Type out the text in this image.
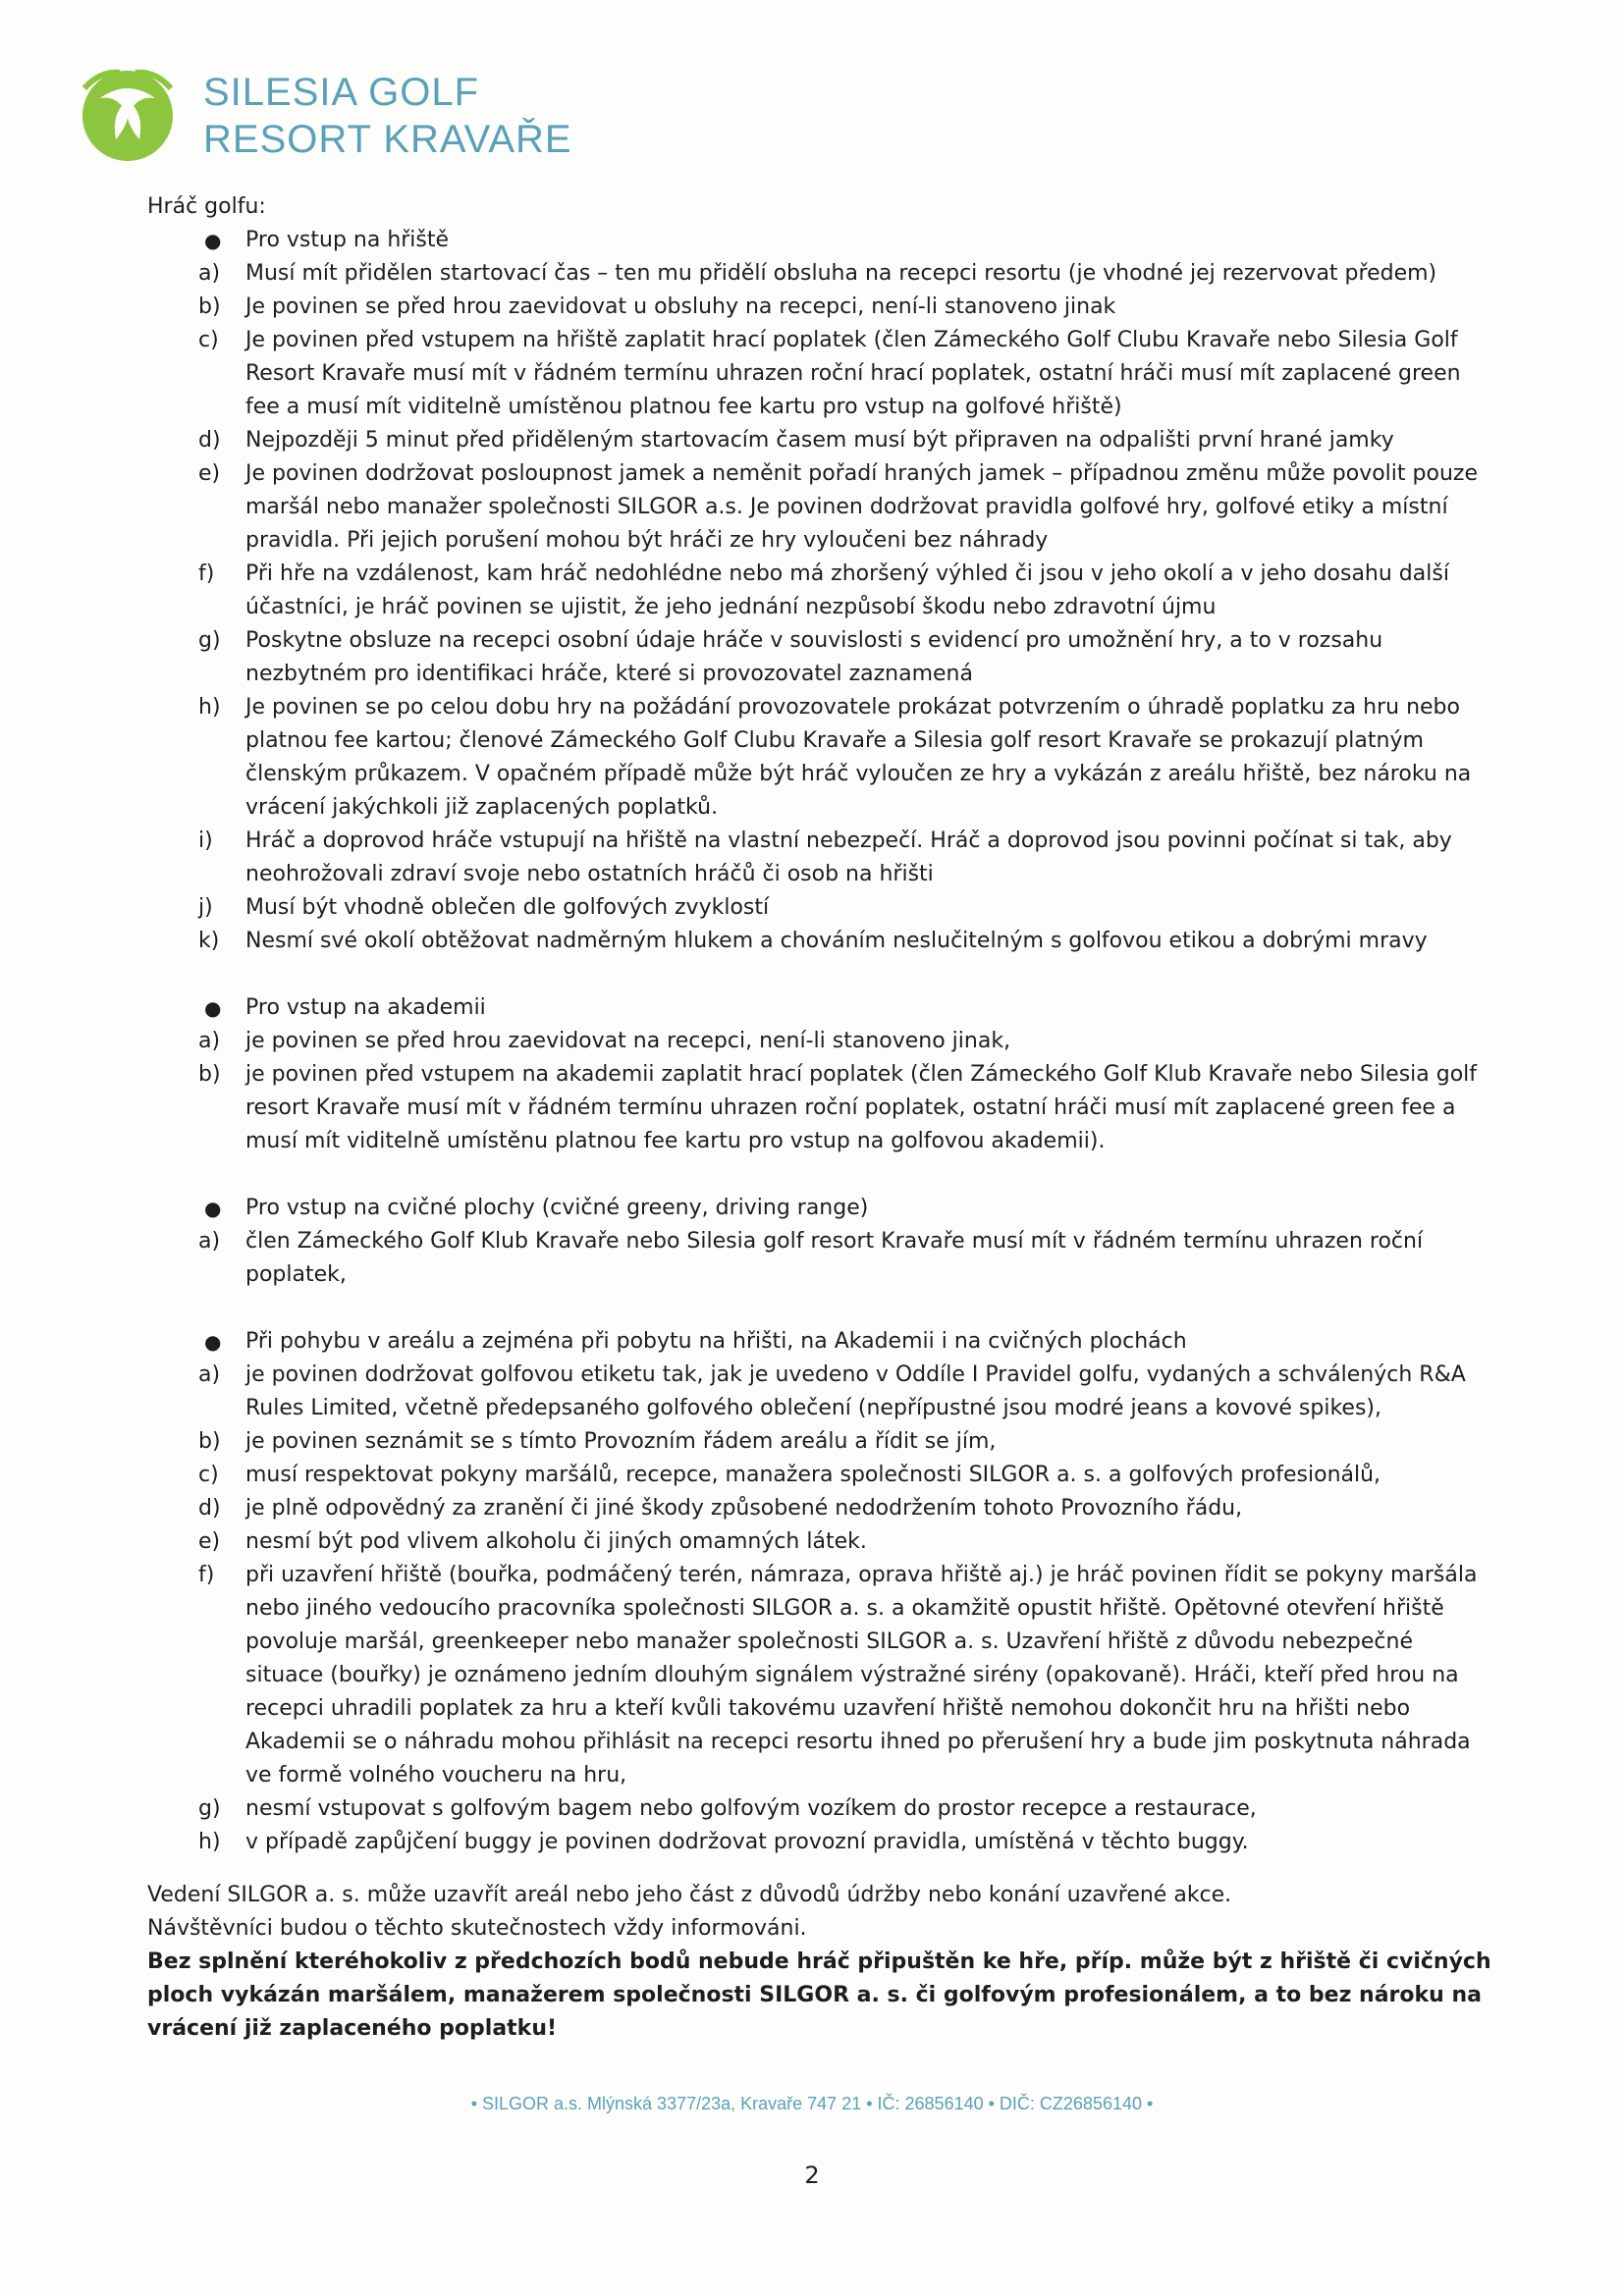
SILESIA GOLF
RESORT KRAVAŘE

Hráč golfu:

●	Pro vstup na hřiště
a)	Musí mít přidělen startovací čas – ten mu přidělí obsluha na recepci resortu (je vhodné jej rezervovat předem)
b)	Je povinen se před hrou zaevidovat u obsluhy na recepci, není-li stanoveno jinak
c)	Je povinen před vstupem na hřiště zaplatit hrací poplatek (člen Zámeckého Golf Clubu Kravaře nebo Silesia Golf Resort Kravaře musí mít v řádném termínu uhrazen roční hrací poplatek, ostatní hráči musí mít zaplacené green fee a musí mít viditelně umístěnou platnou fee kartu pro vstup na golfové hřiště)
d)	Nejpozději 5 minut před přiděleným startovacím časem musí být připraven na odpališti první hrané jamky
e)	Je povinen dodržovat posloupnost jamek a neměnit pořadí hraných jamek – případnou změnu může povolit pouze maršál nebo manažer společnosti SILGOR a.s. Je povinen dodržovat pravidla golfové hry, golfové etiky a místní pravidla. Při jejich porušení mohou být hráči ze hry vyloučeni bez náhrady
f)	Při hře na vzdálenost, kam hráč nedohlédne nebo má zhoršený výhled či jsou v jeho okolí a v jeho dosahu další účastníci, je hráč povinen se ujistit, že jeho jednání nezpůsobí škodu nebo zdravotní újmu
g)	Poskytne obsluze na recepci osobní údaje hráče v souvislosti s evidencí pro umožnění hry, a to v rozsahu nezbytném pro identifikaci hráče, které si provozovatel zaznamená
h)	Je povinen se po celou dobu hry na požádání provozovatele prokázat potvrzením o úhradě poplatku za hru nebo platnou fee kartou; členové Zámeckého Golf Clubu Kravaře a Silesia golf resort Kravaře se prokazují platným členským průkazem. V opačném případě může být hráč vyloučen ze hry a vykázán z areálu hřiště, bez nároku na vrácení jakýchkoli již zaplacených poplatků.
i)	Hráč a doprovod hráče vstupují na hřiště na vlastní nebezpečí. Hráč a doprovod jsou povinni počínat si tak, aby neohrožovali zdraví svoje nebo ostatních hráčů či osob na hřišti
j)	Musí být vhodně oblečen dle golfových zvyklostí
k)	Nesmí své okolí obtěžovat nadměrným hlukem a chováním neslučitelným s golfovou etikou a dobrými mravy
●	Pro vstup na akademii
a)	je povinen se před hrou zaevidovat na recepci, není-li stanoveno jinak,
b)	je povinen před vstupem na akademii zaplatit hrací poplatek (člen Zámeckého Golf Klub Kravaře nebo Silesia golf resort Kravaře musí mít v řádném termínu uhrazen roční poplatek, ostatní hráči musí mít zaplacené green fee a musí mít viditelně umístěnu platnou fee kartu pro vstup na golfovou akademii).
●	Pro vstup na cvičné plochy (cvičné greeny, driving range)
a)	člen Zámeckého Golf Klub Kravaře nebo Silesia golf resort Kravaře musí mít v řádném termínu uhrazen roční poplatek,
●	Při pohybu v areálu a zejména při pobytu na hřišti, na Akademii i na cvičných plochách
a)	je povinen dodržovat golfovou etiketu tak, jak je uvedeno v Oddíle I Pravidel golfu, vydaných a schválených R&A Rules Limited, včetně předepsaného golfového oblečení (nepřípustné jsou modré jeans a kovové spikes),
b)	je povinen seznámit se s tímto Provozním řádem areálu a řídit se jím,
c)	musí respektovat pokyny maršálů, recepce, manažera společnosti SILGOR a. s. a golfových profesionálů,
d)	je plně odpovědný za zranění či jiné škody způsobené nedodržením tohoto Provozního řádu,
e)	nesmí být pod vlivem alkoholu či jiných omamných látek.
f)	při uzavření hřiště (bouřka, podmáčený terén, námraza, oprava hřiště aj.) je hráč povinen řídit se pokyny maršála nebo jiného vedoucího pracovníka společnosti SILGOR a. s. a okamžitě opustit hřiště. Opětovné otevření hřiště povoluje maršál, greenkeeper nebo manažer společnosti SILGOR a. s. Uzavření hřiště z důvodu nebezpečné situace (bouřky) je oznámeno jedním dlouhým signálem výstražné sirény (opakovaně). Hráči, kteří před hrou na recepci uhradili poplatek za hru a kteří kvůli takovému uzavření hřiště nemohou dokončit hru na hřišti nebo Akademii se o náhradu mohou přihlásit na recepci resortu ihned po přerušení hry a bude jim poskytnuta náhrada ve formě volného voucheru na hru,
g)	nesmí vstupovat s golfovým bagem nebo golfovým vozíkem do prostor recepce a restaurace,
h)	v případě zapůjčení buggy je povinen dodržovat provozní pravidla, umístěná v těchto buggy.

Vedení SILGOR a. s. může uzavřít areál nebo jeho část z důvodů údržby nebo konání uzavřené akce.

Návštěvníci budou o těchto skutečnostech vždy informováni.

Bez splnění kteréhokoliv z předchozích bodů nebude hráč připuštěn ke hře, příp. může být z hřiště či cvičných ploch vykázán maršálem, manažerem společnosti SILGOR a. s. či golfovým profesionálem, a to bez nároku na vrácení již zaplaceného poplatku!

• SILGOR a.s. Mlýnská 3377/23a, Kravaře 747 21 • IČ: 26856140 • DIČ: CZ26856140 •
2
